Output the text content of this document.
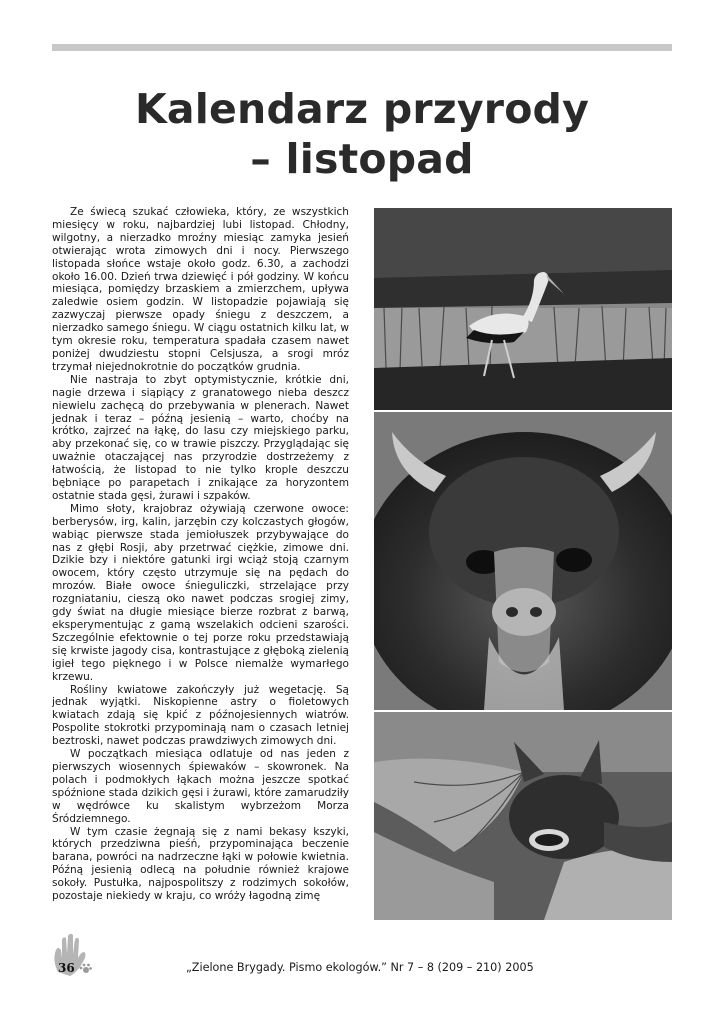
Kalendarz przyrody
– listopad

Ze świecą szukać człowieka, który, ze wszystkich miesięcy w roku, najbardziej lubi listopad. Chłodny, wilgotny, a nierzadko mroźny miesiąc zamyka jesień otwierając wrota zimowych dni i nocy. Pierwszego listopada słońce wstaje około godz. 6.30, a zachodzi około 16.00. Dzień trwa dziewięć i pół godziny. W końcu miesiąca, pomiędzy brzaskiem a zmierzchem, upływa zaledwie osiem godzin. W listopadzie pojawiają się zazwyczaj pierwsze opady śniegu z deszczem, a nierzadko samego śniegu. W ciągu ostatnich kilku lat, w tym okresie roku, temperatura spadała czasem nawet poniżej dwudziestu stopni Celsjusza, a srogi mróz trzymał niejednokrotnie do początków grudnia.

Nie nastraja to zbyt optymistycznie, krótkie dni, nagie drzewa i siąpiący z granatowego nieba deszcz niewielu zachęcą do przebywania w plenerach. Nawet jednak i teraz – późną jesienią – warto, choćby na krótko, zajrzeć na łąkę, do lasu czy miejskiego parku, aby przekonać się, co w trawie piszczy. Przyglądając się uważnie otaczającej nas przyrodzie dostrzeżemy z łatwością, że listopad to nie tylko krople deszczu bębniące po parapetach i znikające za horyzontem ostatnie stada gęsi, żurawi i szpaków.

Mimo słoty, krajobraz ożywiają czerwone owoce: berberysów, irg, kalin, jarzębin czy kolczastych głogów, wabiąc pierwsze stada jemiołuszek przybywające do nas z głębi Rosji, aby przetrwać ciężkie, zimowe dni. Dzikie bzy i niektóre gatunki irgi wciąż stoją czarnym owocem, który często utrzymuje się na pędach do mrozów. Białe owoce śnieguliczki, strzelające przy rozgniataniu, cieszą oko nawet podczas srogiej zimy, gdy świat na długie miesiące bierze rozbrat z barwą, eksperymentując z gamą wszelakich odcieni szarości. Szczególnie efektownie o tej porze roku przedstawiają się krwiste jagody cisa, kontrastujące z głęboką zielenią igieł tego pięknego i w Polsce niemalże wymarłego krzewu.

Rośliny kwiatowe zakończyły już wegetację. Są jednak wyjątki. Niskopienne astry o fioletowych kwiatach zdają się kpić z późnojesiennych wiatrów. Pospolite stokrotki przypominają nam o czasach letniej beztroski, nawet podczas prawdziwych zimowych dni.

W początkach miesiąca odlatuje od nas jeden z pierwszych wiosennych śpiewaków – skowronek. Na polach i podmokłych łąkach można jeszcze spotkać spóźnione stada dzikich gęsi i żurawi, które zamarudziły w wędrówce ku skalistym wybrzeżom Morza Śródziemnego.

W tym czasie żegnają się z nami bekasy kszyki, których przedziwna pieśń, przypominająca beczenie barana, powróci na nadrzeczne łąki w połowie kwietnia. Późną jesienią odlecą na południe również krajowe sokoły. Pustułka, najpospolitszy z rodzimych sokołów, pozostaje niekiedy w kraju, co wróży łagodną zimę

36	„Zielone Brygady. Pismo ekologów.” Nr 7 – 8 (209 – 210) 2005
